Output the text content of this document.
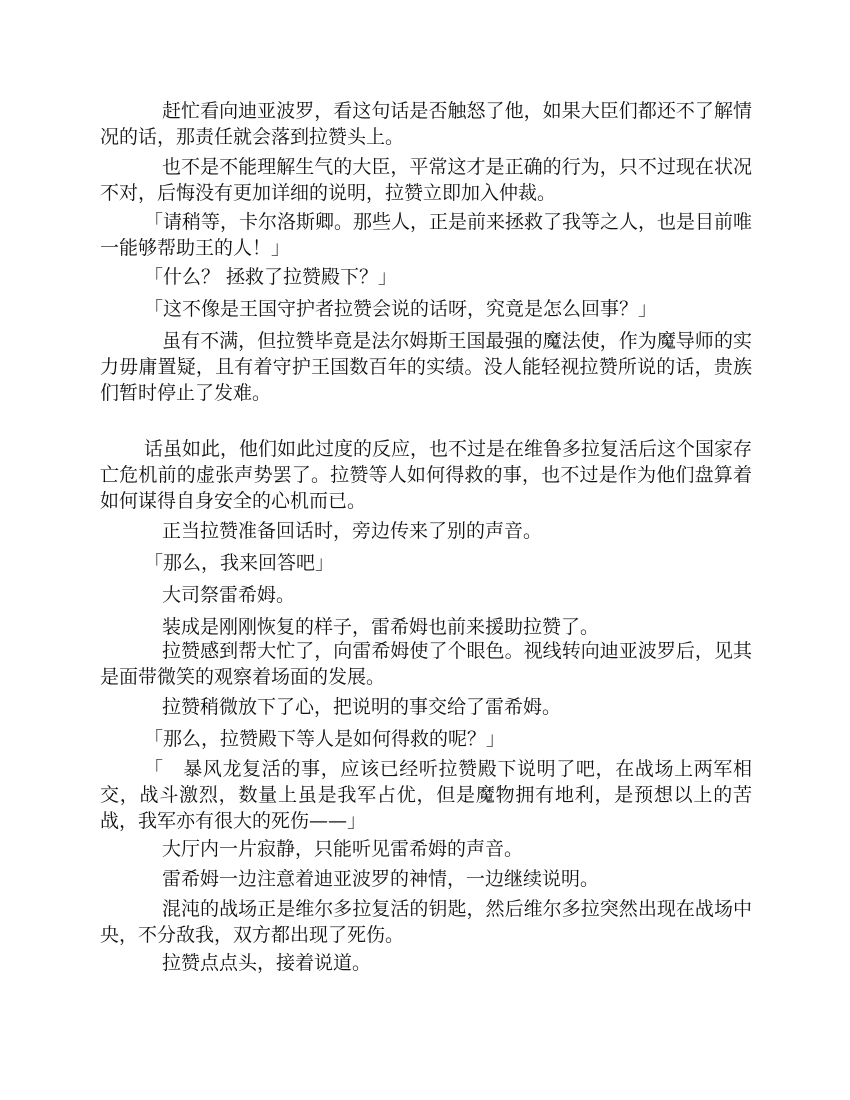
赶忙看向迪亚波罗，看这句话是否触怒了他，如果大臣们都还不了解情况的话，那责任就会落到拉赞头上。

也不是不能理解生气的大臣，平常这才是正确的行为，只不过现在状况不对，后悔没有更加详细的说明，拉赞立即加入仲裁。

「请稍等，卡尔洛斯卿。那些人，正是前来拯救了我等之人，也是目前唯一能够帮助王的人！」

「什么？ 拯救了拉赞殿下？」

「这不像是王国守护者拉赞会说的话呀，究竟是怎么回事？」

虽有不满，但拉赞毕竟是法尔姆斯王国最强的魔法使，作为魔导师的实力毋庸置疑，且有着守护王国数百年的实绩。没人能轻视拉赞所说的话，贵族们暂时停止了发难。

话虽如此，他们如此过度的反应，也不过是在维鲁多拉复活后这个国家存亡危机前的虚张声势罢了。拉赞等人如何得救的事，也不过是作为他们盘算着如何谋得自身安全的心机而已。

正当拉赞准备回话时，旁边传来了别的声音。

「那么，我来回答吧」

大司祭雷希姆。

装成是刚刚恢复的样子，雷希姆也前来援助拉赞了。

拉赞感到帮大忙了，向雷希姆使了个眼色。视线转向迪亚波罗后，见其是面带微笑的观察着场面的发展。

拉赞稍微放下了心，把说明的事交给了雷希姆。

「那么，拉赞殿下等人是如何得救的呢？」

「　暴风龙复活的事，应该已经听拉赞殿下说明了吧，在战场上两军相交，战斗激烈，数量上虽是我军占优，但是魔物拥有地利，是预想以上的苦战，我军亦有很大的死伤——」

大厅内一片寂静，只能听见雷希姆的声音。

雷希姆一边注意着迪亚波罗的神情，一边继续说明。

混沌的战场正是维尔多拉复活的钥匙，然后维尔多拉突然出现在战场中央，不分敌我，双方都出现了死伤。

拉赞点点头，接着说道。
